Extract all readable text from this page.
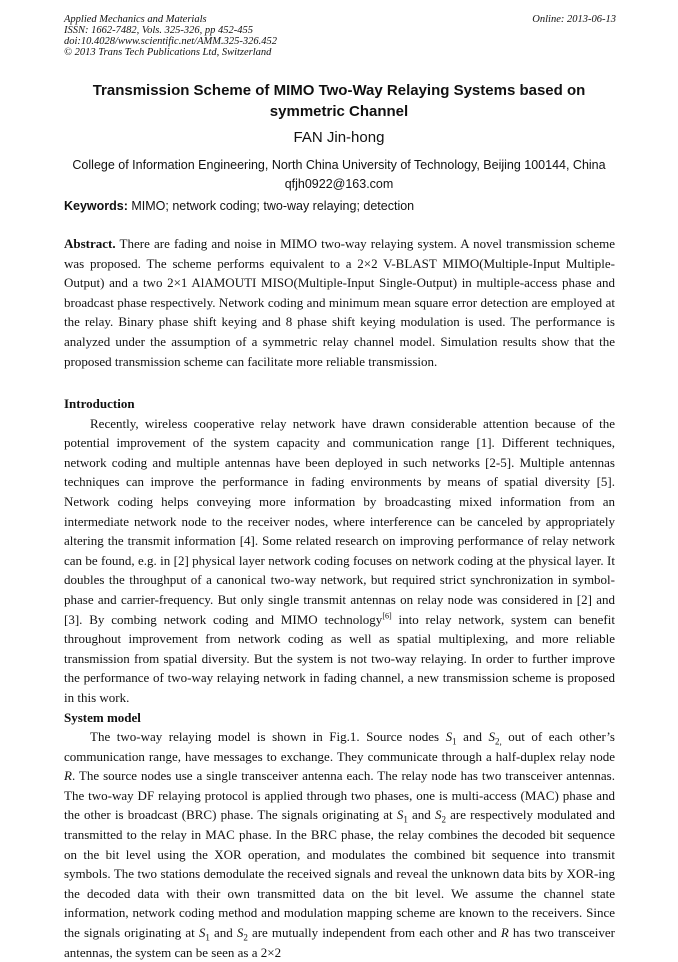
Applied Mechanics and Materials
ISSN: 1662-7482, Vols. 325-326, pp 452-455
doi:10.4028/www.scientific.net/AMM.325-326.452
© 2013 Trans Tech Publications Ltd, Switzerland
Online: 2013-06-13
Transmission Scheme of MIMO Two-Way Relaying Systems based on
symmetric Channel
FAN Jin-hong
College of Information Engineering, North China University of Technology, Beijing 100144, China
qfjh0922@163.com
Keywords: MIMO; network coding; two-way relaying; detection

Abstract. There are fading and noise in MIMO two-way relaying system. A novel transmission scheme was proposed. The scheme performs equivalent to a 2×2 V-BLAST MIMO(Multiple-Input Multiple-Output) and a two 2×1 AlAMOUTI MISO(Multiple-Input Single-Output) in multiple-access phase and broadcast phase respectively. Network coding and minimum mean square error detection are employed at the relay. Binary phase shift keying and 8 phase shift keying modulation is used. The performance is analyzed under the assumption of a symmetric relay channel model. Simulation results show that the proposed transmission scheme can facilitate more reliable transmission.

Introduction

Recently, wireless cooperative relay network have drawn considerable attention because of the potential improvement of the system capacity and communication range [1]. Different techniques, network coding and multiple antennas have been deployed in such networks [2-5]. Multiple antennas techniques can improve the performance in fading environments by means of spatial diversity [5]. Network coding helps conveying more information by broadcasting mixed information from an intermediate network node to the receiver nodes, where interference can be canceled by appropriately altering the transmit information [4]. Some related research on improving performance of relay network can be found, e.g. in [2] physical layer network coding focuses on network coding at the physical layer. It doubles the throughput of a canonical two-way network, but required strict synchronization in symbol-phase and carrier-frequency. But only single transmit antennas on relay node was considered in [2] and [3]. By combing network coding and MIMO technology[6] into relay network, system can benefit throughout improvement from network coding as well as spatial multiplexing, and more reliable transmission from spatial diversity. But the system is not two-way relaying. In order to further improve the performance of two-way relaying network in fading channel, a new transmission scheme is proposed in this work.

System model

The two-way relaying model is shown in Fig.1. Source nodes $S_1$ and $S_{2,}$ out of each other’s communication range, have messages to exchange. They communicate through a half-duplex relay node R. The source nodes use a single transceiver antenna each. The relay node has two transceiver antennas. The two-way DF relaying protocol is applied through two phases, one is multi-access (MAC) phase and the other is broadcast (BRC) phase. The signals originating at $S_1$ and $S_2$ are respectively modulated and transmitted to the relay in MAC phase. In the BRC phase, the relay combines the decoded bit sequence on the bit level using the XOR operation, and modulates the combined bit sequence into transmit symbols. The two stations demodulate the received signals and reveal the unknown data bits by XOR-ing the decoded data with their own transmitted data on the bit level. We assume the channel state information, network coding method and modulation mapping scheme are known to the receivers. Since the signals originating at $S_1$ and $S_2$ are mutually independent from each other and R has two transceiver antennas, the system can be seen as a 2×2
